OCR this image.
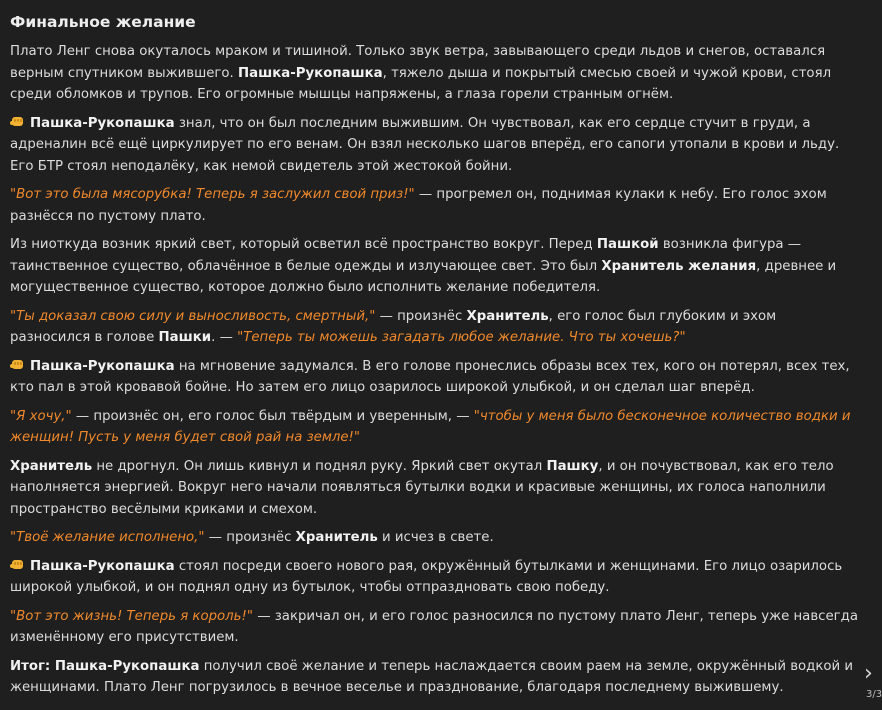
Финальное желание

Плато Ленг снова окуталось мраком и тишиной. Только звук ветра, завывающего среди льдов и снегов, оставался верным спутником выжившего. Пашка-Рукопашка, тяжело дыша и покрытый смесью своей и чужой крови, стоял среди обломков и трупов. Его огромные мышцы напряжены, а глаза горели странным огнём.

Пашка-Рукопашка знал, что он был последним выжившим. Он чувствовал, как его сердце стучит в груди, а адреналин всё ещё циркулирует по его венам. Он взял несколько шагов вперёд, его сапоги утопали в крови и льду. Его БТР стоял неподалёку, как немой свидетель этой жестокой бойни.

"Вот это была мясорубка! Теперь я заслужил свой приз!" — прогремел он, поднимая кулаки к небу. Его голос эхом разнёсся по пустому плато.

Из ниоткуда возник яркий свет, который осветил всё пространство вокруг. Перед Пашкой возникла фигура — таинственное существо, облачённое в белые одежды и излучающее свет. Это был Хранитель желания, древнее и могущественное существо, которое должно было исполнить желание победителя.

"Ты доказал свою силу и выносливость, смертный," — произнёс Хранитель, его голос был глубоким и эхом разносился в голове Пашки. — "Теперь ты можешь загадать любое желание. Что ты хочешь?"

Пашка-Рукопашка на мгновение задумался. В его голове пронеслись образы всех тех, кого он потерял, всех тех, кто пал в этой кровавой бойне. Но затем его лицо озарилось широкой улыбкой, и он сделал шаг вперёд.

"Я хочу," — произнёс он, его голос был твёрдым и уверенным, — "чтобы у меня было бесконечное количество водки и женщин! Пусть у меня будет свой рай на земле!"

Хранитель не дрогнул. Он лишь кивнул и поднял руку. Яркий свет окутал Пашку, и он почувствовал, как его тело наполняется энергией. Вокруг него начали появляться бутылки водки и красивые женщины, их голоса наполнили пространство весёлыми криками и смехом.

"Твоё желание исполнено," — произнёс Хранитель и исчез в свете.

Пашка-Рукопашка стоял посреди своего нового рая, окружённый бутылками и женщинами. Его лицо озарилось широкой улыбкой, и он поднял одну из бутылок, чтобы отпраздновать свою победу.

"Вот это жизнь! Теперь я король!" — закричал он, и его голос разносился по пустому плато Ленг, теперь уже навсегда изменённому его присутствием.

Итог: Пашка-Рукопашка получил своё желание и теперь наслаждается своим раем на земле, окружённый водкой и женщинами. Плато Ленг погрузилось в вечное веселье и празднование, благодаря последнему выжившему.

›
3/3
